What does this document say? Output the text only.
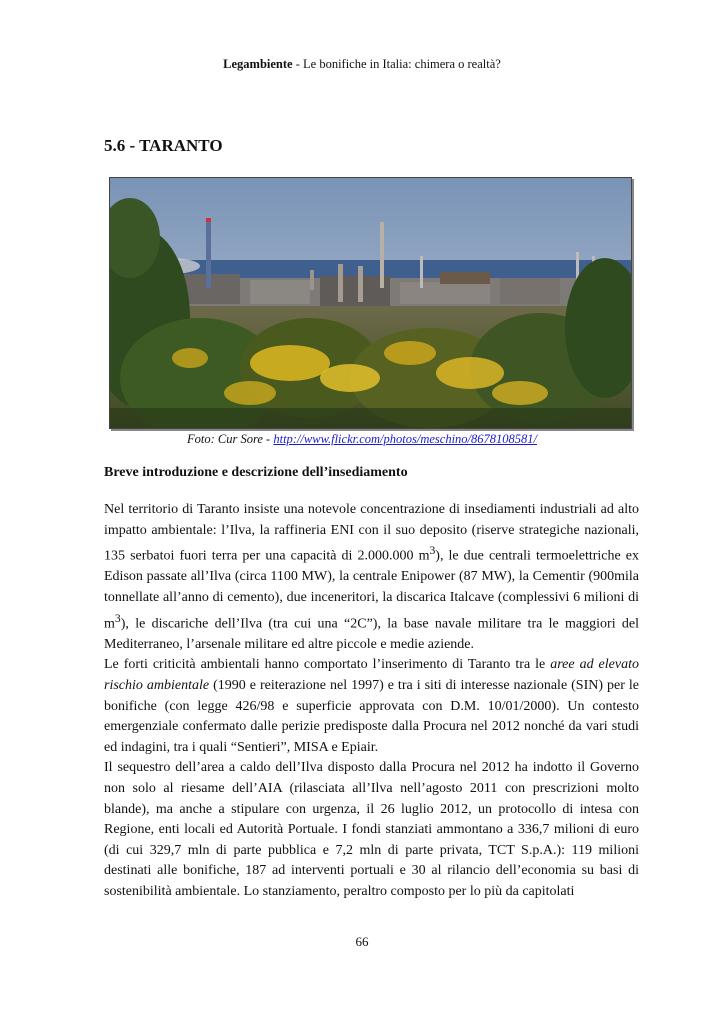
Legambiente - Le bonifiche in Italia: chimera o realtà?
5.6 - TARANTO
Foto: Cur Sore - http://www.flickr.com/photos/meschino/8678108581/
Breve introduzione e descrizione dell’insediamento

Nel territorio di Taranto insiste una notevole concentrazione di insediamenti industriali ad alto impatto ambientale: l’Ilva, la raffineria ENI con il suo deposito (riserve strategiche nazionali, 135 serbatoi fuori terra per una capacità di 2.000.000 $m^3$), le due centrali termoelettriche ex Edison passate all’Ilva (circa 1100 MW), la centrale Enipower (87 MW), la Cementir (900mila tonnellate all’anno di cemento), due inceneritori, la discarica Italcave (complessivi 6 milioni di $m^3$), le discariche dell’Ilva (tra cui una “2C”), la base navale militare tra le maggiori del Mediterraneo, l’arsenale militare ed altre piccole e medie aziende.

Le forti criticità ambientali hanno comportato l’inserimento di Taranto tra le aree ad elevato rischio ambientale (1990 e reiterazione nel 1997) e tra i siti di interesse nazionale (SIN) per le bonifiche (con legge 426/98 e superficie approvata con D.M. 10/01/2000). Un contesto emergenziale confermato dalle perizie predisposte dalla Procura nel 2012 nonché da vari studi ed indagini, tra i quali “Sentieri”, MISA e Epiair.

Il sequestro dell’area a caldo dell’Ilva disposto dalla Procura nel 2012 ha indotto il Governo non solo al riesame dell’AIA (rilasciata all’Ilva nell’agosto 2011 con prescrizioni molto blande), ma anche a stipulare con urgenza, il 26 luglio 2012, un protocollo di intesa con Regione, enti locali ed Autorità Portuale. I fondi stanziati ammontano a 336,7 milioni di euro (di cui 329,7 mln di parte pubblica e 7,2 mln di parte privata, TCT S.p.A.): 119 milioni destinati alle bonifiche, 187 ad interventi portuali e 30 al rilancio dell’economia su basi di sostenibilità ambientale. Lo stanziamento, peraltro composto per lo più da capitolati

66
